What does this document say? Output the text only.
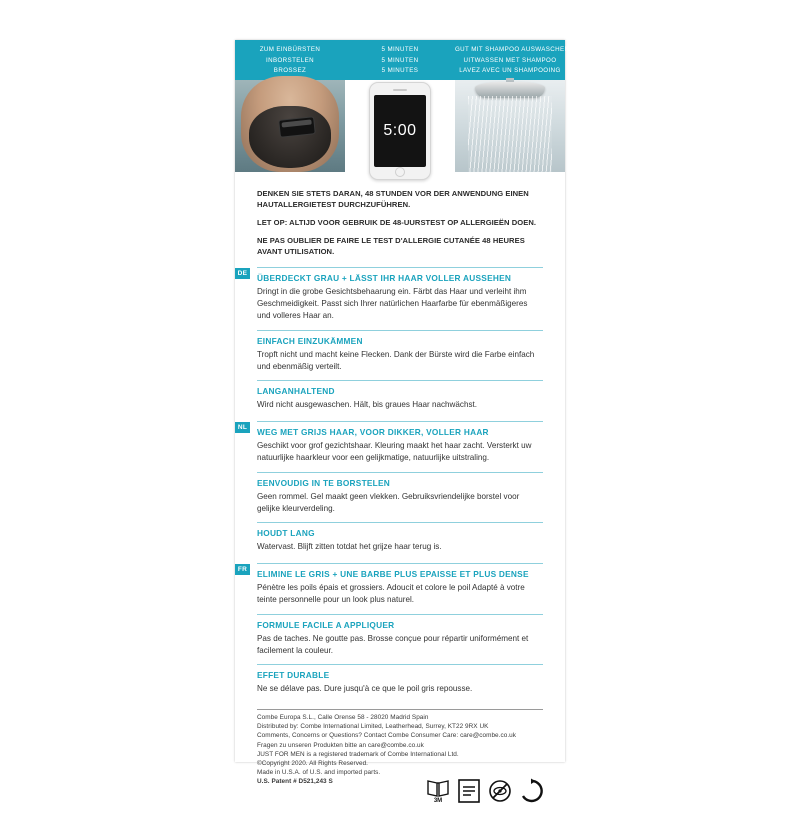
ZUM EINBÜRSTEN
INBORSTELEN
BROSSEZ
5 MINUTEN
5 MINUTEN
5 MINUTES
5:00
GUT MIT SHAMPOO AUSWASCHEN
UITWASSEN MET SHAMPOO
LAVEZ AVEC UN SHAMPOOING

DENKEN SIE STETS DARAN, 48 STUNDEN VOR DER ANWENDUNG EINEN HAUTALLERGIETEST DURCHZUFÜHREN.

LET OP: ALTIJD VOOR GEBRUIK DE 48-UURSTEST OP ALLERGIEËN DOEN.

NE PAS OUBLIER DE FAIRE LE TEST D'ALLERGIE CUTANÉE 48 HEURES AVANT UTILISATION.

DE	ÜBERDECKT GRAU + LÄSST IHR HAAR VOLLER AUSSEHEN

Dringt in die grobe Gesichtsbehaarung ein. Färbt das Haar und verleiht ihm Geschmeidigkeit. Passt sich Ihrer natürlichen Haarfarbe für ebenmäßigeres und volleres Haar an.

EINFACH EINZUKÄMMEN

Tropft nicht und macht keine Flecken. Dank der Bürste wird die Farbe einfach und ebenmäßig verteilt.

LANGANHALTEND

Wird nicht ausgewaschen. Hält, bis graues Haar nachwächst.

NL	WEG MET GRIJS HAAR, VOOR DIKKER, VOLLER HAAR

Geschikt voor grof gezichtshaar. Kleuring maakt het haar zacht. Versterkt uw natuurlijke haarkleur voor een gelijkmatige, natuurlijke uitstraling.

EENVOUDIG IN TE BORSTELEN

Geen rommel. Gel maakt geen vlekken. Gebruiksvriendelijke borstel voor gelijke kleurverdeling.

HOUDT LANG

Watervast. Blijft zitten totdat het grijze haar terug is.

FR	ELIMINE LE GRIS + UNE BARBE PLUS EPAISSE ET PLUS DENSE

Pénètre les poils épais et grossiers. Adoucit et colore le poil Adapté à votre teinte personnelle pour un look plus naturel.

FORMULE FACILE A APPLIQUER

Pas de taches. Ne goutte pas. Brosse conçue pour répartir uniformément et facilement la couleur.

EFFET DURABLE

Ne se délave pas. Dure jusqu'à ce que le poil gris repousse.

Combe Europa S.L., Calle Orense 58 - 28020 Madrid Spain

Distributed by: Combe International Limited, Leatherhead, Surrey, KT22 9RX UK

Comments, Concerns or Questions? Contact Combe Consumer Care: care@combe.co.uk

Fragen zu unseren Produkten bitte an care@combe.co.uk

JUST FOR MEN is a registered trademark of Combe International Ltd.

©Copyright 2020. All Rights Reserved.

Made in U.S.A. of U.S. and imported parts.

U.S. Patent # D521,243 S

3M
